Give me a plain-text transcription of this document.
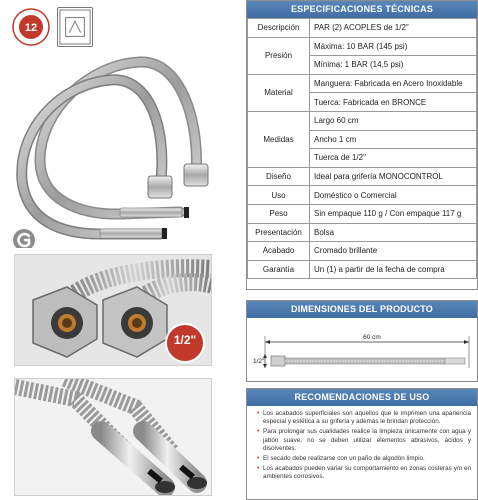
12
1/2"
ESPECIFICACIONES TÉCNICAS
Descripción	PAR (2) ACOPLES de 1/2"
Presión	Máxima: 10 BAR (145 psi)
	Mínima: 1 BAR (14,5 psi)
Material	Manguera: Fabricada en Acero Inoxidable
	Tuerca: Fabricada en BRONCE
Medidas	Largo 60 cm
	Ancho 1 cm
	Tuerca de 1/2"
Diseño	Ideal para grifería MONOCONTROL
Uso	Doméstico o Comercial
Peso	Sin empaque 110 g / Con empaque 117 g
Presentación	Bolsa
Acabado	Cromado brillante
Garantía	Un (1) a partir de la fecha de compra
DIMENSIONES DEL PRODUCTO
60 cm
1/2"
RECOMENDACIONES DE USO
• Los acabados superficiales son aquellos que le imprimen una apariencia especial y estética a su grifería y además le brindan protección.
• Para prolongar sus cualidades realice la limpieza únicamente con agua y jabón suave, no se deben utilizar elementos abrasivos, ácidos y disolventes.
• El secado debe realizarse con un paño de algodón limpio.
• Los acabados pueden variar su comportamiento en zonas costeras y/o en ambientes corrosivos.
